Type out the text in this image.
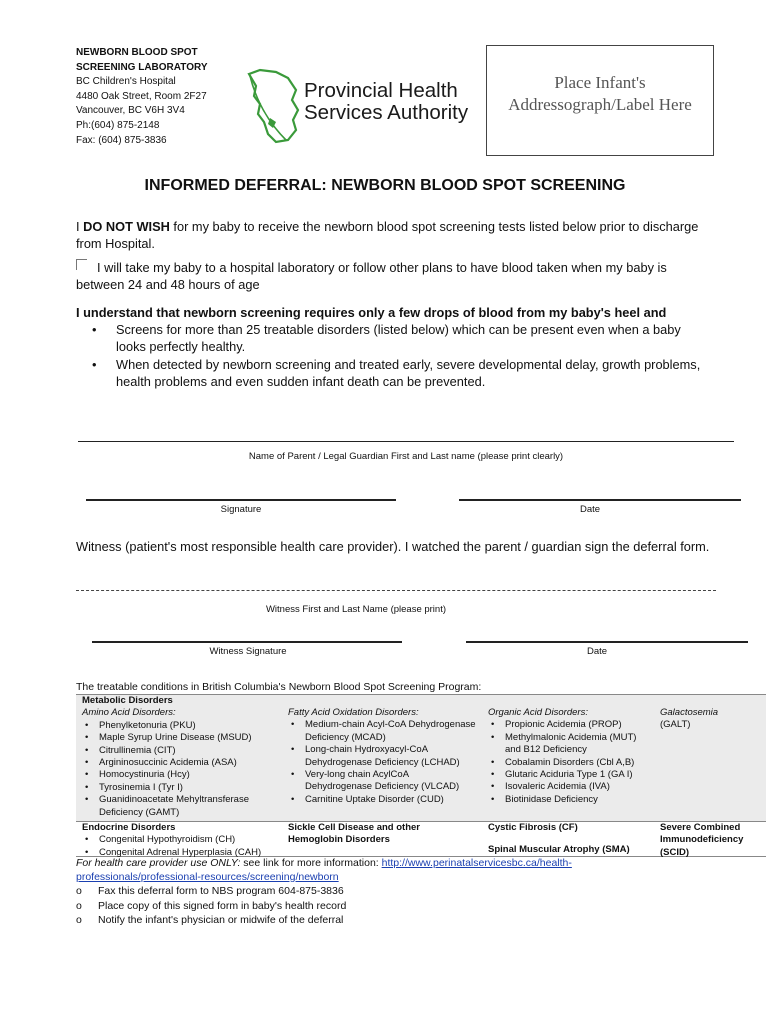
NEWBORN BLOOD SPOT
SCREENING LABORATORY
BC Children's Hospital
4480 Oak Street, Room 2F27
Vancouver, BC V6H 3V4
Ph:(604) 875-2148
Fax: (604) 875-3836
Provincial Health
Services Authority
Place Infant's
Addressograph/Label Here
INFORMED DEFERRAL: NEWBORN BLOOD SPOT SCREENING
I DO NOT WISH for my baby to receive the newborn blood spot screening tests listed below prior to discharge from Hospital.
I will take my baby to a hospital laboratory or follow other plans to have blood taken when my baby is between 24 and 48 hours of age
I understand that newborn screening requires only a few drops of blood from my baby's heel and
• Screens for more than 25 treatable disorders (listed below) which can be present even when a baby looks perfectly healthy.
• When detected by newborn screening and treated early, severe developmental delay, growth problems, health problems and even sudden infant death can be prevented.
Name of Parent / Legal Guardian First and Last name (please print clearly)
Signature	Date
Witness (patient's most responsible health care provider). I watched the parent / guardian sign the deferral form.
Witness First and Last Name (please print)
Witness Signature	Date
The treatable conditions in British Columbia's Newborn Blood Spot Screening Program:
Metabolic Disorders
Amino Acid Disorders:
• Phenylketonuria (PKU)
• Maple Syrup Urine Disease (MSUD)
• Citrullinemia (CIT)
• Argininosuccinic Acidemia (ASA)
• Homocystinuria (Hcy)
• Tyrosinemia I (Tyr I)
• Guanidinoacetate Mehyltransferase Deficiency (GAMT)
Fatty Acid Oxidation Disorders:
• Medium-chain Acyl-CoA Dehydrogenase Deficiency (MCAD)
• Long-chain Hydroxyacyl-CoA Dehydrogenase Deficiency (LCHAD)
• Very-long chain AcylCoA Dehydrogenase Deficiency (VLCAD)
• Carnitine Uptake Disorder (CUD)
Organic Acid Disorders:
• Propionic Acidemia (PROP)
• Methylmalonic Acidemia (MUT) and B12 Deficiency
• Cobalamin Disorders (Cbl A,B)
• Glutaric Aciduria Type 1 (GA I)
• Isovaleric Acidemia (IVA)
• Biotinidase Deficiency
Galactosemia
(GALT)
Endocrine Disorders
• Congenital Hypothyroidism (CH)
• Congenital Adrenal Hyperplasia (CAH)
Sickle Cell Disease and other Hemoglobin Disorders
Cystic Fibrosis (CF)
Spinal Muscular Atrophy (SMA)
Severe Combined Immunodeficiency (SCID)
For health care provider use ONLY: see link for more information: http://www.perinatalservicesbc.ca/health-
professionals/professional-resources/screening/newborn
o Fax this deferral form to NBS program 604-875-3836
o Place copy of this signed form in baby's health record
o Notify the infant's physician or midwife of the deferral
